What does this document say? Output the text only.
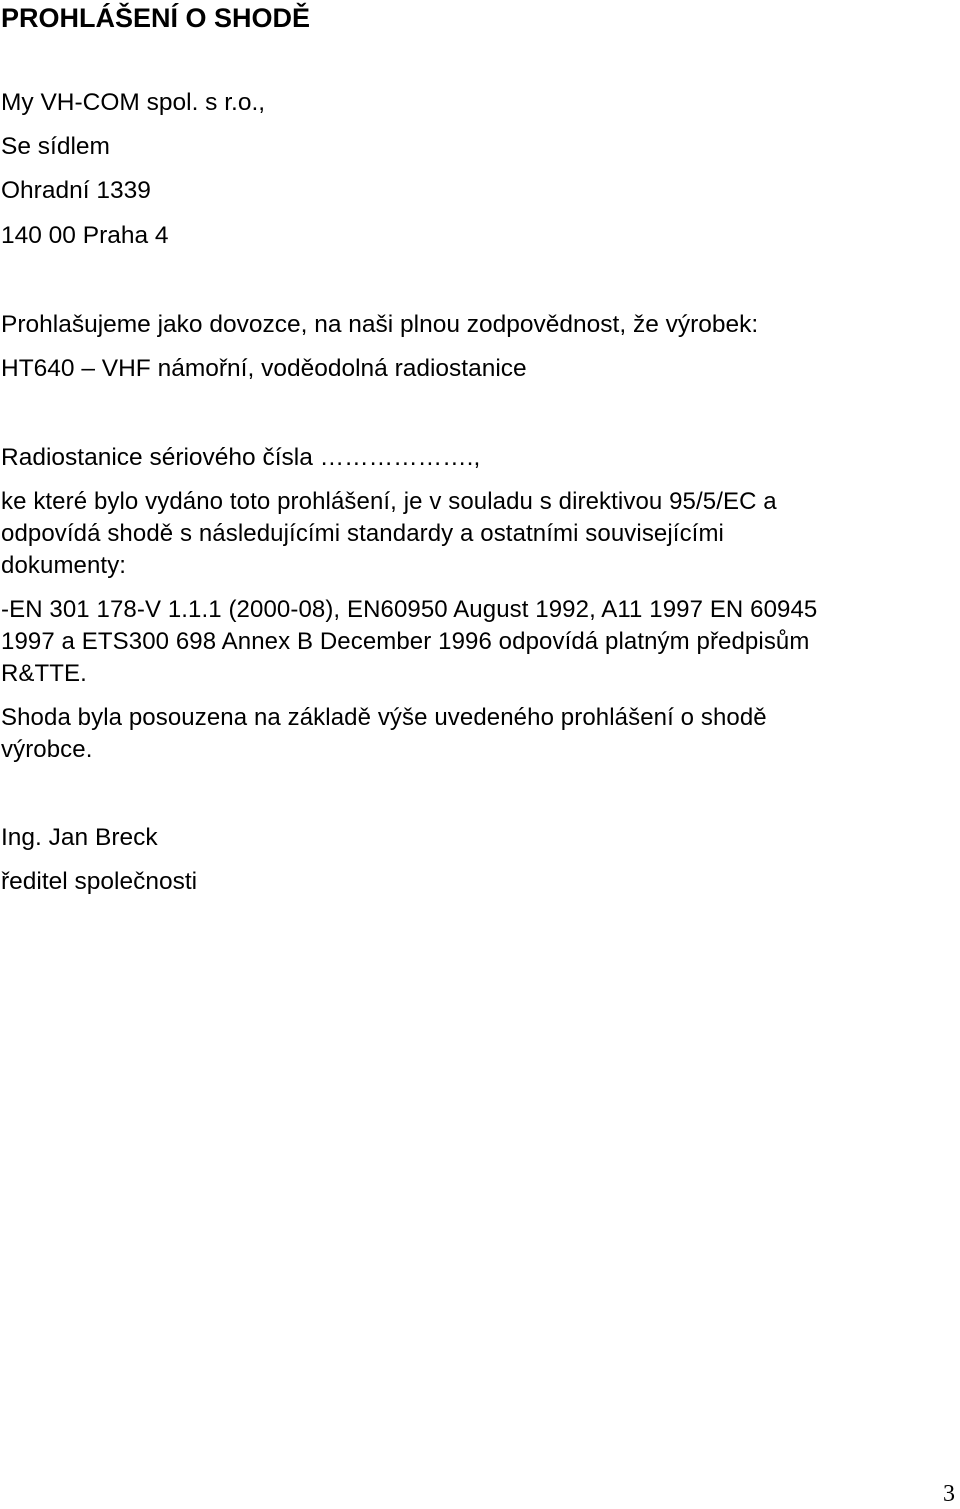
PROHLÁŠENÍ O SHODĚ

My VH-COM spol. s r.o.,

Se sídlem

Ohradní 1339

140 00 Praha 4

Prohlašujeme jako dovozce, na naši plnou zodpovědnost, že výrobek:

HT640 – VHF námořní, voděodolná radiostanice

Radiostanice sériového čísla ……………….,

ke které bylo vydáno toto prohlášení, je v souladu s direktivou 95/5/EC a

odpovídá shodě s následujícími standardy a ostatními souvisejícími

dokumenty:

-EN 301 178-V 1.1.1 (2000-08), EN60950 August 1992, A11 1997 EN 60945

1997 a ETS300 698 Annex B December 1996 odpovídá platným předpisům

R&TTE.

Shoda byla posouzena na základě výše uvedeného prohlášení o shodě

výrobce.

Ing. Jan Breck

ředitel společnosti

3
